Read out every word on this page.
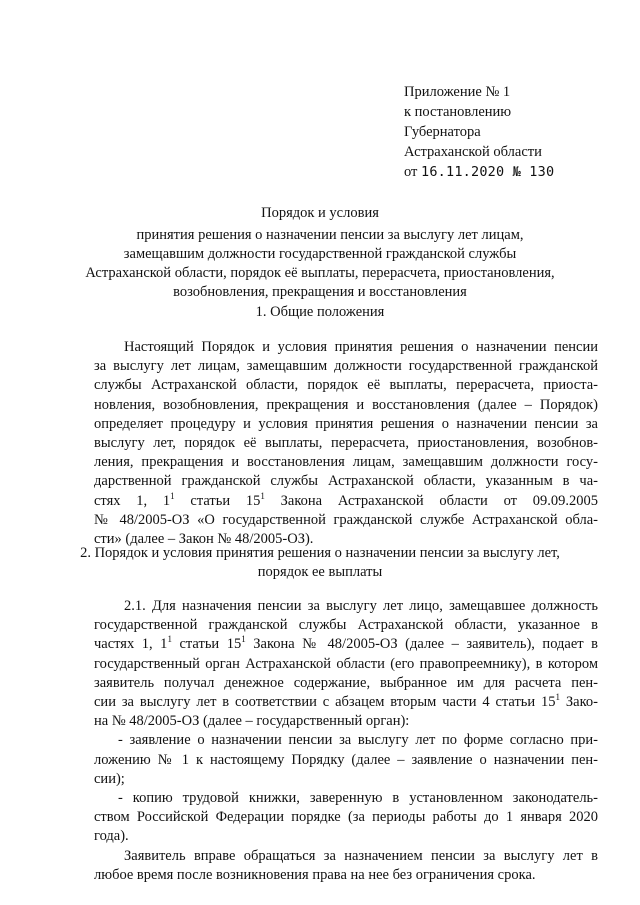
Приложение № 1
к постановлению
Губернатора
Астраханской области
от 16.11.2020 № 130
Порядок и условия
принятия решения о назначении пенсии за выслугу лет лицам,
замещавшим должности государственной гражданской службы
Астраханской области, порядок её выплаты, перерасчета, приостановления,
возобновления, прекращения и восстановления
1. Общие положения
Настоящий Порядок и условия принятия решения о назначении пенсии
за выслугу лет лицам, замещавшим должности государственной гражданской
службы Астраханской области, порядок её выплаты, перерасчета, приоста-
новления, возобновления, прекращения и восстановления (далее – Порядок)
определяет процедуру и условия принятия решения о назначении пенсии за
выслугу лет, порядок её выплаты, перерасчета, приостановления, возобнов-
ления, прекращения и восстановления лицам, замещавшим должности госу-
дарственной гражданской службы Астраханской области, указанным в ча-
стях 1, $1^1$ статьи $15^1$ Закона Астраханской области от 09.09.2005
№ 48/2005-ОЗ «О государственной гражданской службе Астраханской обла-
сти» (далее – Закон № 48/2005-ОЗ).
2. Порядок и условия принятия решения о назначении пенсии за выслугу лет,
порядок ее выплаты
2.1. Для назначения пенсии за выслугу лет лицо, замещавшее должность
государственной гражданской службы Астраханской области, указанное в
частях 1, $1^1$ статьи $15^1$ Закона № 48/2005-ОЗ (далее – заявитель), подает в
государственный орган Астраханской области (его правопреемнику), в котором
заявитель получал денежное содержание, выбранное им для расчета пен-
сии за выслугу лет в соответствии с абзацем вторым части 4 статьи $15^1$ Зако-
на № 48/2005-ОЗ (далее – государственный орган):
- заявление о назначении пенсии за выслугу лет по форме согласно при-
ложению № 1 к настоящему Порядку (далее – заявление о назначении пен-
сии);
- копию трудовой книжки, заверенную в установленном законодатель-
ством Российской Федерации порядке (за периоды работы до 1 января 2020
года).
Заявитель вправе обращаться за назначением пенсии за выслугу лет в
любое время после возникновения права на нее без ограничения срока.
